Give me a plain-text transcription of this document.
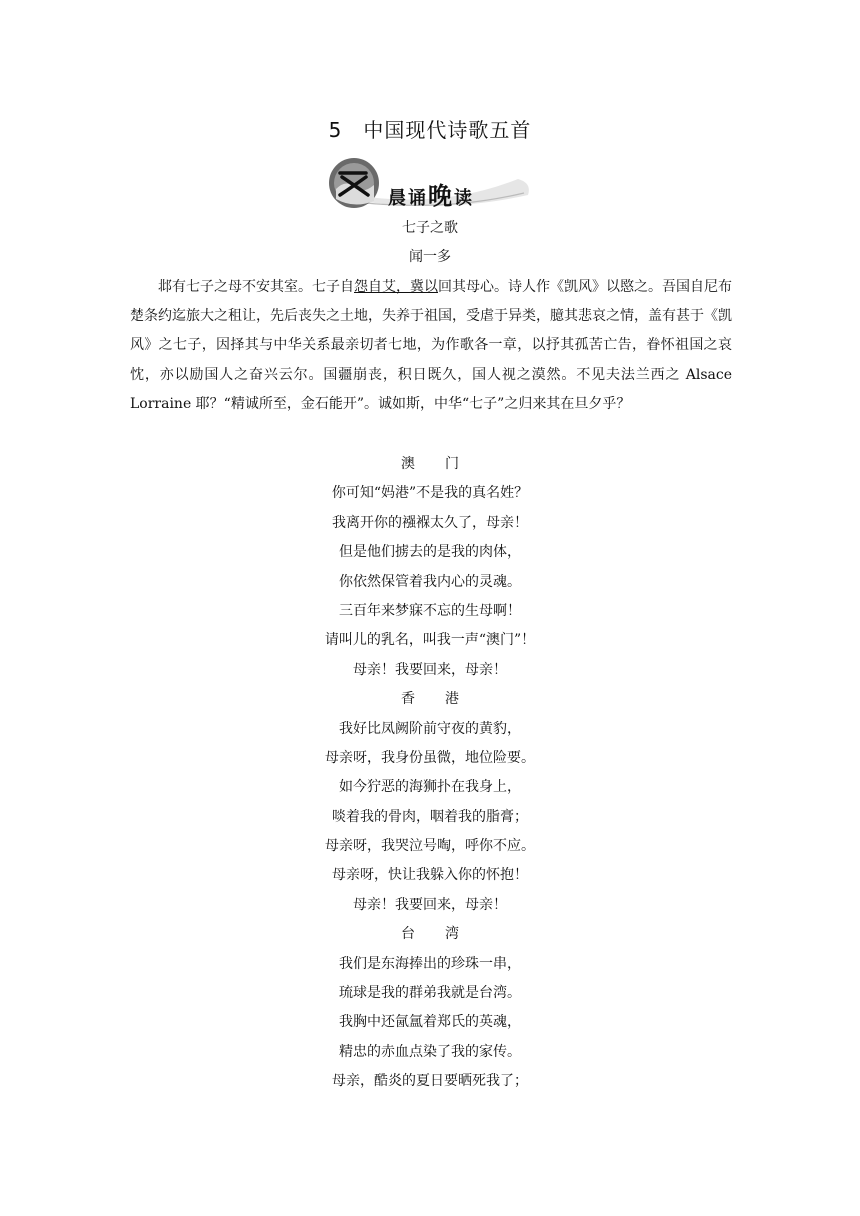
5　中国现代诗歌五首
晨诵晚读
七子之歌
闻一多

邶有七子之母不安其室。七子自怨自艾，冀以回其母心。诗人作《凯风》以愍之。吾国自尼布楚条约迄旅大之租让，先后丧失之土地，失养于祖国，受虐于异类，臆其悲哀之情，盖有甚于《凯风》之七子，因择其与中华关系最亲切者七地，为作歌各一章，以抒其孤苦亡告，眷怀祖国之哀忱，亦以励国人之奋兴云尔。国疆崩丧，积日既久，国人视之漠然。不见夫法兰西之 Alsace Lorraine 耶？“精诚所至，金石能开”。诚如斯，中华“七子”之归来其在旦夕乎？

澳门
你可知“妈港”不是我的真名姓？
我离开你的襁褓太久了，母亲！
但是他们掳去的是我的肉体，
你依然保管着我内心的灵魂。
三百年来梦寐不忘的生母啊！
请叫儿的乳名，叫我一声“澳门”！
母亲！我要回来，母亲！
香港
我好比凤阙阶前守夜的黄豹，
母亲呀，我身份虽微，地位险要。
如今狞恶的海狮扑在我身上，
啖着我的骨肉，咽着我的脂膏；
母亲呀，我哭泣号啕，呼你不应。
母亲呀，快让我躲入你的怀抱！
母亲！我要回来，母亲！
台湾
我们是东海捧出的珍珠一串，
琉球是我的群弟我就是台湾。
我胸中还氤氲着郑氏的英魂，
精忠的赤血点染了我的家传。
母亲，酷炎的夏日要晒死我了；
